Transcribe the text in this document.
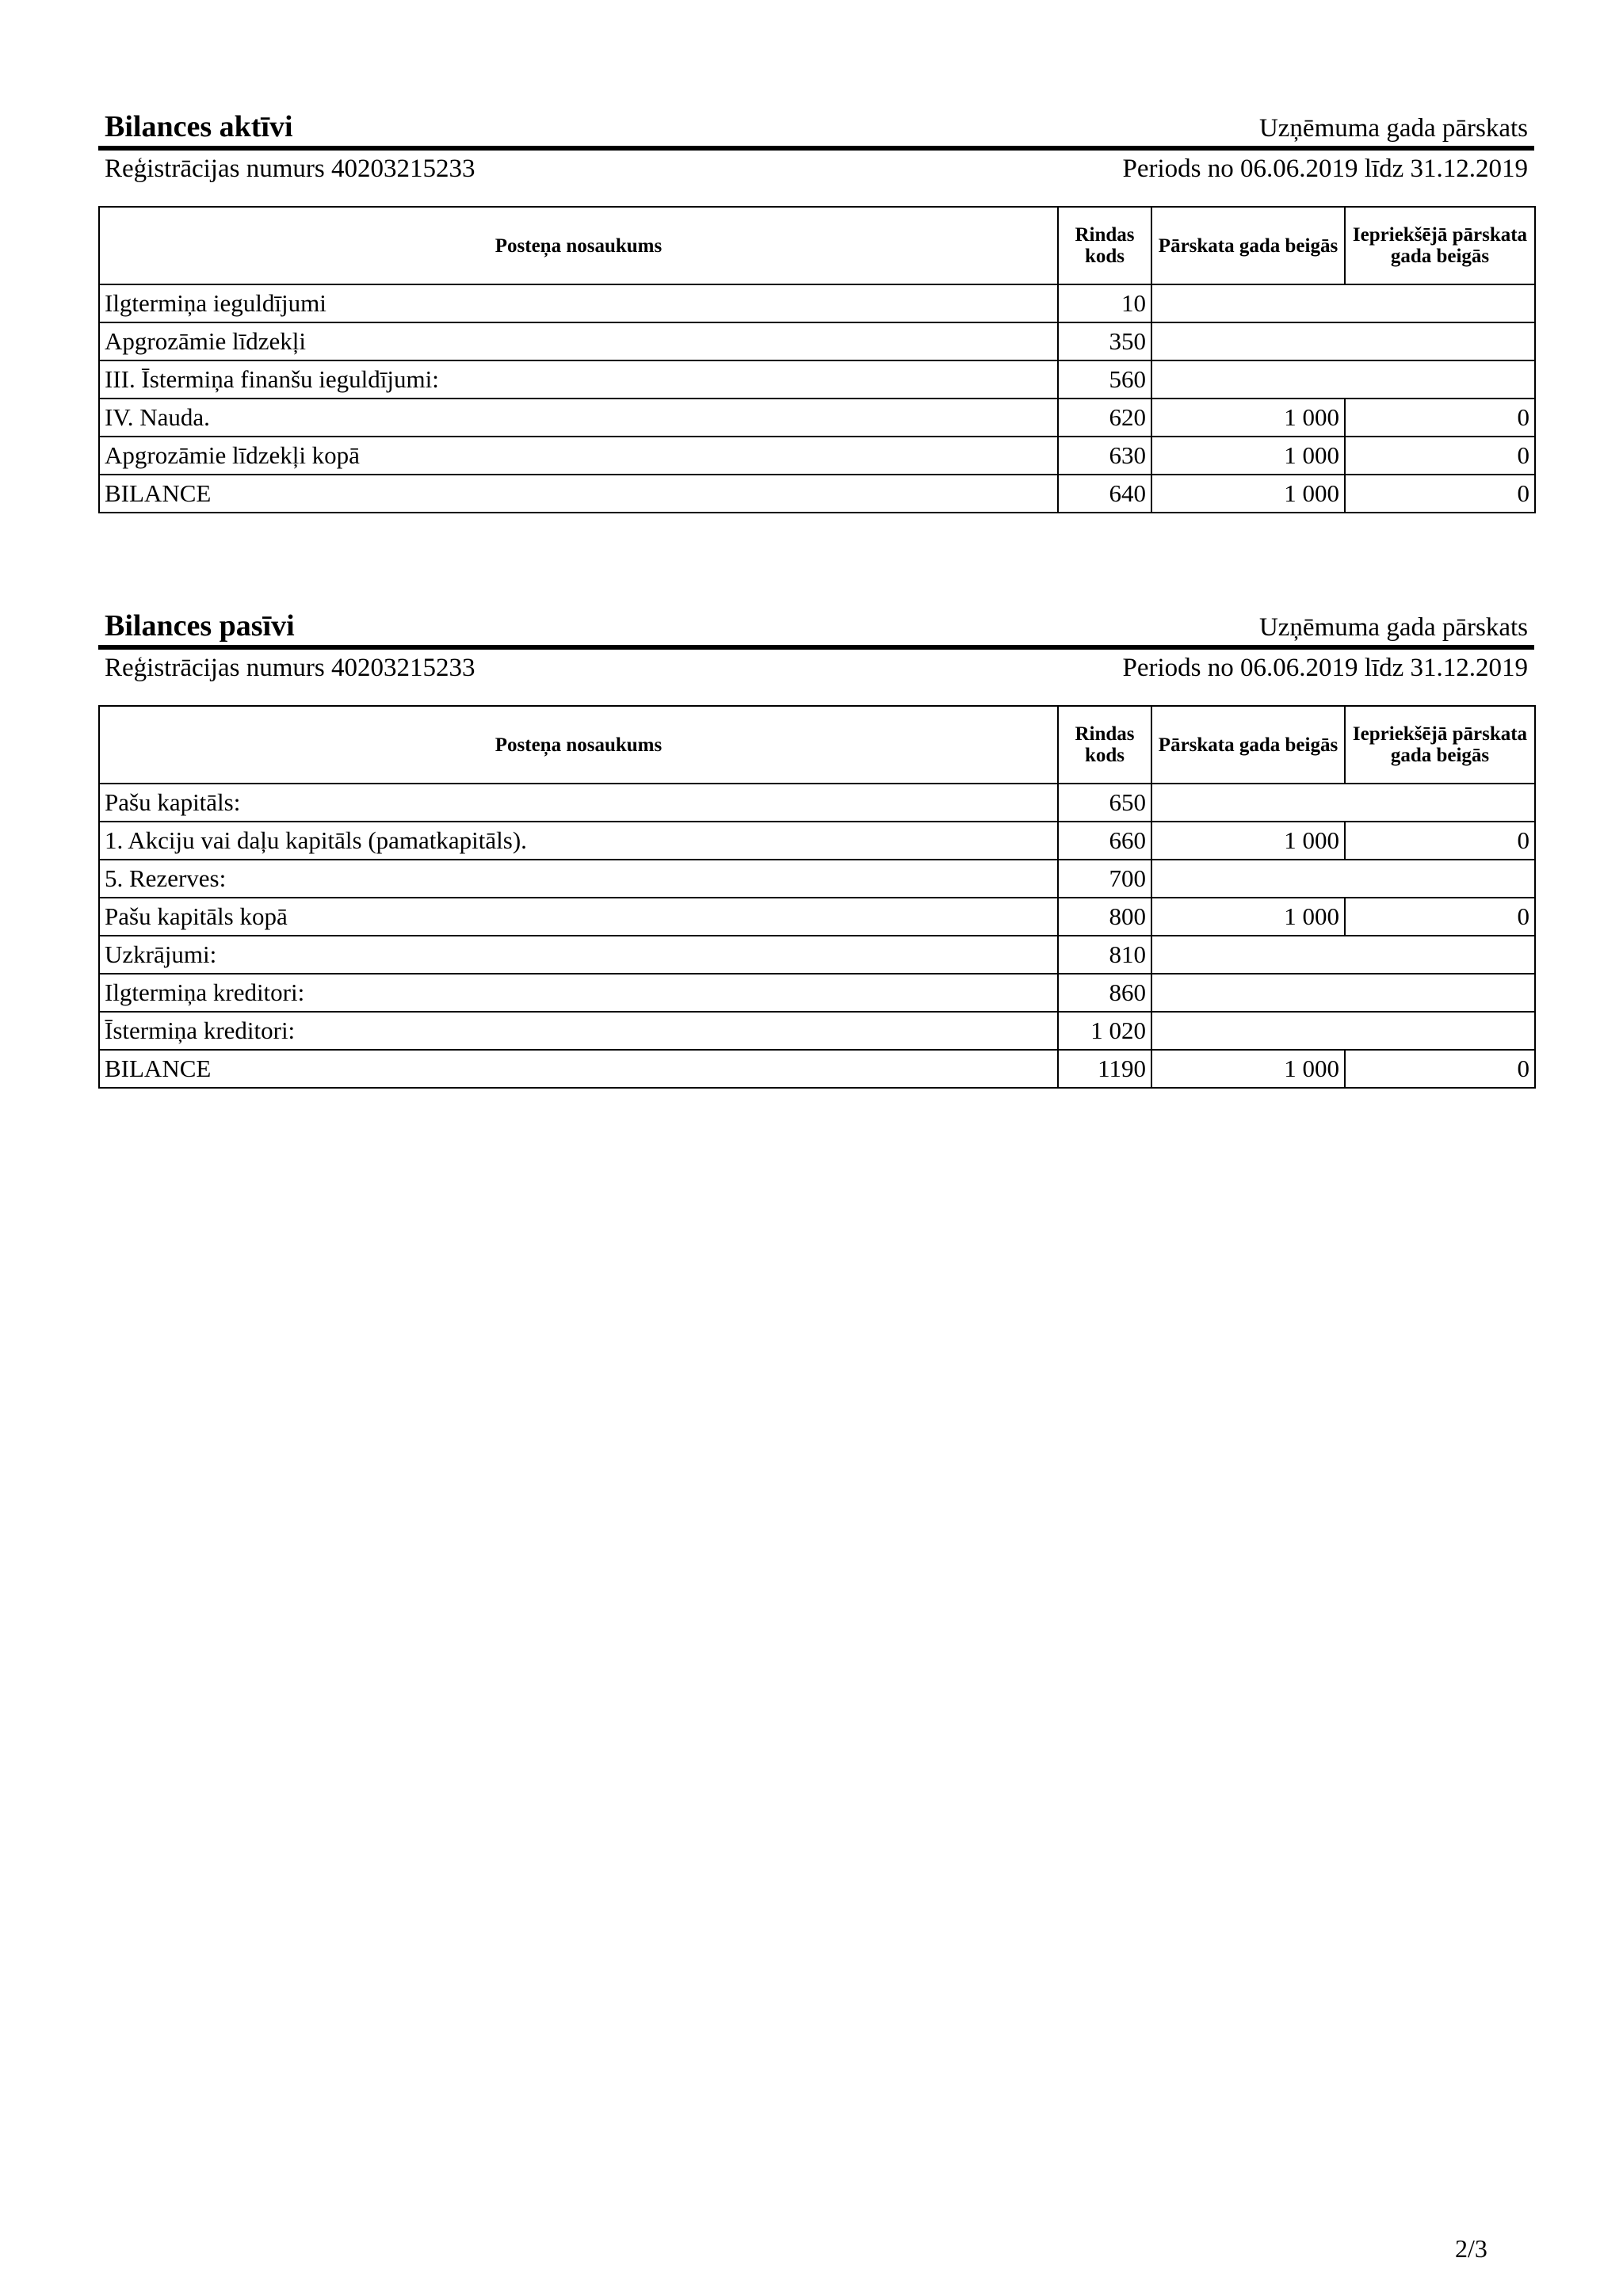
Bilances aktīvi	Uzņēmuma gada pārskats
Reģistrācijas numurs 40203215233	Periods no 06.06.2019 līdz 31.12.2019
Posteņa nosaukums	Rindas kods	Pārskata gada beigās	Iepriekšējā pārskata gada beigās
Ilgtermiņa ieguldījumi	10		
Apgrozāmie līdzekļi	350		
III. Īstermiņa finanšu ieguldījumi:	560		
IV. Nauda.	620	1 000	0
Apgrozāmie līdzekļi kopā	630	1 000	0
BILANCE	640	1 000	0
Bilances pasīvi	Uzņēmuma gada pārskats
Reģistrācijas numurs 40203215233	Periods no 06.06.2019 līdz 31.12.2019
Posteņa nosaukums	Rindas kods	Pārskata gada beigās	Iepriekšējā pārskata gada beigās
Pašu kapitāls:	650		
1. Akciju vai daļu kapitāls (pamatkapitāls).	660	1 000	0
5. Rezerves:	700		
Pašu kapitāls kopā	800	1 000	0
Uzkrājumi:	810		
Ilgtermiņa kreditori:	860		
Īstermiņa kreditori:	1 020		
BILANCE	1190	1 000	0
2/3
